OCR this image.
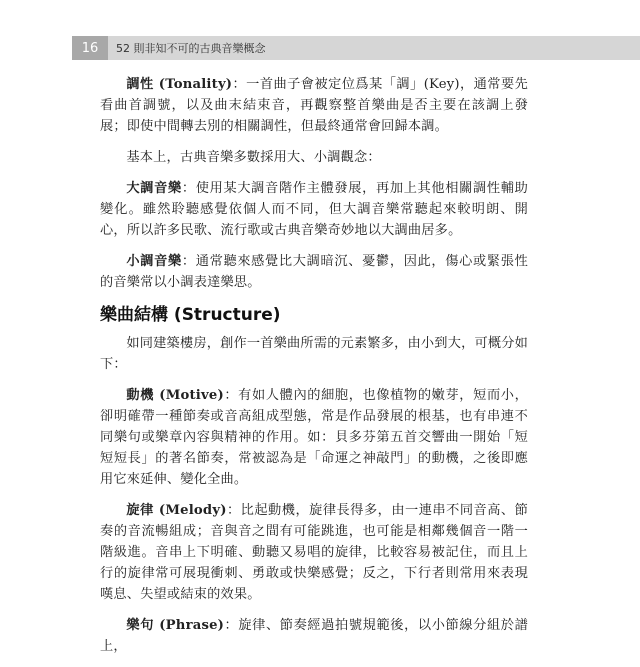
16	52 則非知不可的古典音樂概念

調性 (Tonality)：一首曲子會被定位爲某「調」(Key)，通常要先看曲首調號，以及曲末結束音，再觀察整首樂曲是否主要在該調上發展；即使中間轉去別的相關調性，但最終通常會回歸本調。

基本上，古典音樂多數採用大、小調觀念：

大調音樂：使用某大調音階作主體發展，再加上其他相關調性輔助變化。雖然聆聽感覺依個人而不同，但大調音樂常聽起來較明朗、開心，所以許多民歌、流行歌或古典音樂奇妙地以大調曲居多。

小調音樂：通常聽來感覺比大調暗沉、憂鬱，因此，傷心或緊張性的音樂常以小調表達樂思。

樂曲結構 (Structure)

如同建築樓房，創作一首樂曲所需的元素繁多，由小到大，可概分如下：

動機 (Motive)：有如人體內的細胞，也像植物的嫩芽，短而小，卻明確帶一種節奏或音高組成型態，常是作品發展的根基，也有串連不同樂句或樂章內容與精神的作用。如：貝多芬第五首交響曲一開始「短短短長」的著名節奏，常被認為是「命運之神敲門」的動機，之後即應用它來延伸、變化全曲。

旋律 (Melody)：比起動機，旋律長得多，由一連串不同音高、節奏的音流暢組成；音與音之間有可能跳進，也可能是相鄰幾個音一階一階級進。音串上下明確、動聽又易唱的旋律，比較容易被記住，而且上行的旋律常可展現衝刺、勇敢或快樂感覺；反之，下行者則常用來表現嘆息、失望或結束的效果。

樂句 (Phrase)：旋律、節奏經過拍號規範後，以小節線分組於譜上，
